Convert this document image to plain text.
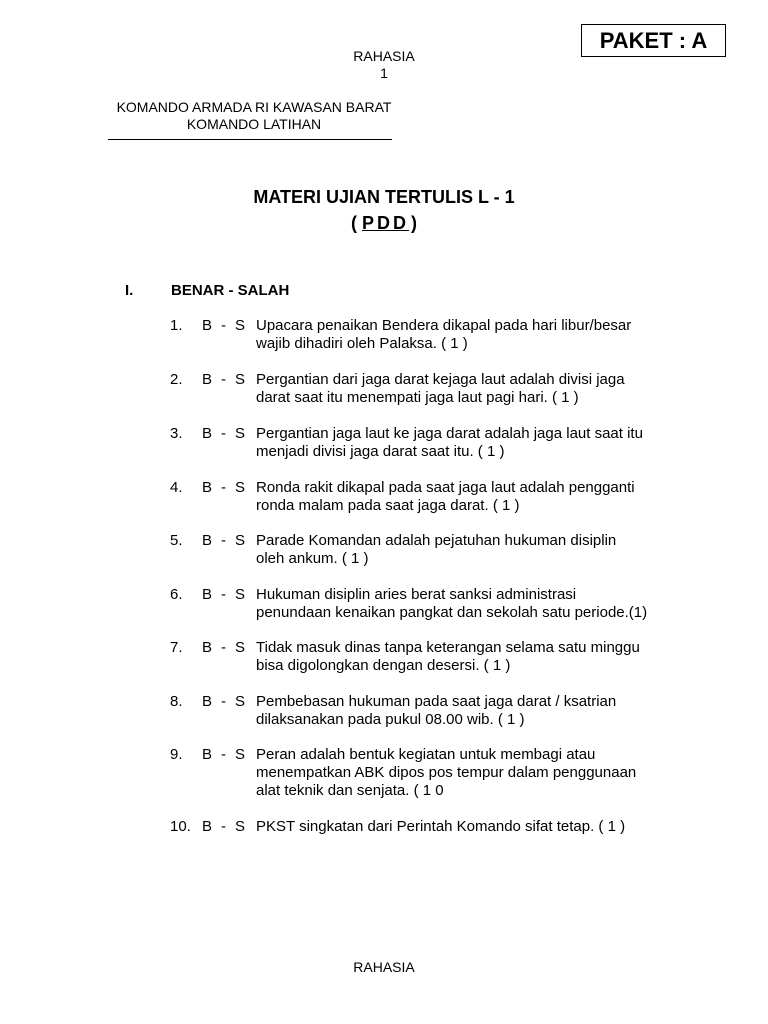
PAKET : A
RAHASIA
1
KOMANDO ARMADA RI KAWASAN BARAT
KOMANDO LATIHAN
MATERI UJIAN TERTULIS L - 1
( PDD )
I.	BENAR - SALAH
1. B - S Upacara penaikan Bendera dikapal pada hari libur/besar
wajib dihadiri oleh Palaksa. ( 1 )
2. B - S Pergantian dari jaga darat kejaga laut adalah divisi jaga
darat saat itu menempati jaga laut pagi hari. ( 1 )
3. B - S Pergantian jaga laut ke jaga darat adalah jaga laut saat itu
menjadi divisi jaga darat saat itu. ( 1 )
4. B - S Ronda rakit dikapal pada saat jaga laut adalah pengganti
ronda malam pada saat jaga darat. ( 1 )
5. B - S Parade Komandan adalah pejatuhan hukuman disiplin
oleh ankum. ( 1 )
6. B - S Hukuman disiplin aries berat sanksi administrasi
penundaan kenaikan pangkat dan sekolah satu periode.(1)
7. B - S Tidak masuk dinas tanpa keterangan selama satu minggu
bisa digolongkan dengan desersi. ( 1 )
8. B - S Pembebasan hukuman pada saat jaga darat / ksatrian
dilaksanakan pada pukul 08.00 wib. ( 1 )
9. B - S Peran adalah bentuk kegiatan untuk membagi atau
menempatkan ABK dipos pos tempur dalam penggunaan
alat teknik dan senjata. ( 1 0
10. B - S PKST singkatan dari Perintah Komando sifat tetap. ( 1 )
RAHASIA
